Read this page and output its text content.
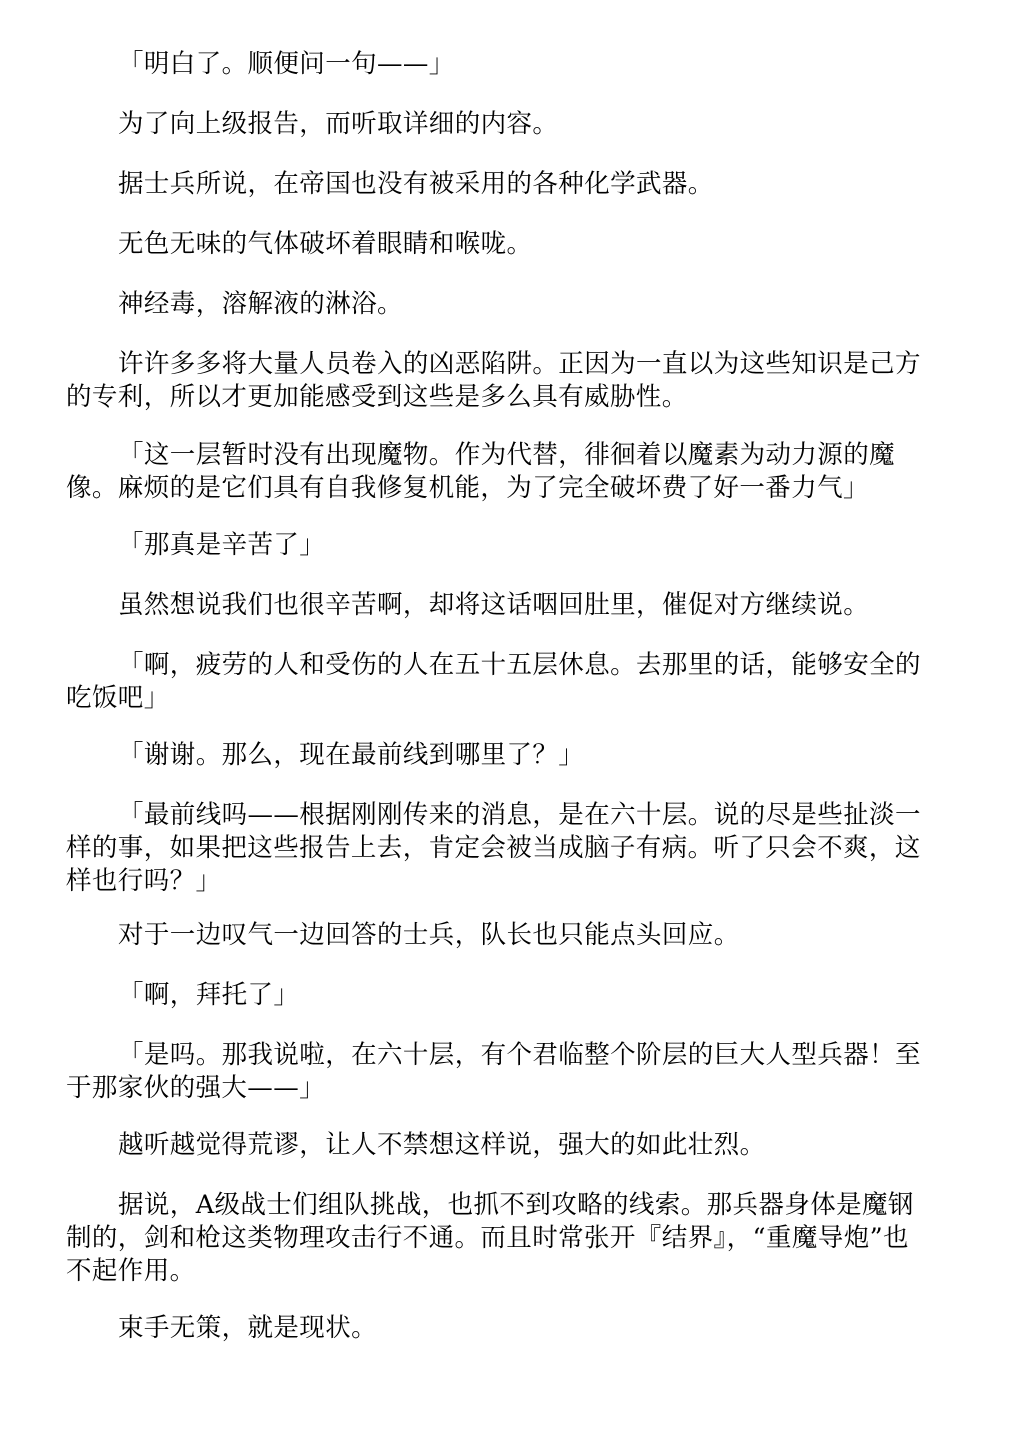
「明白了。顺便问一句——」

为了向上级报告，而听取详细的内容。

据士兵所说，在帝国也没有被采用的各种化学武器。

无色无味的气体破坏着眼睛和喉咙。

神经毒，溶解液的淋浴。

许许多多将大量人员卷入的凶恶陷阱。正因为一直以为这些知识是己方的专利，所以才更加能感受到这些是多么具有威胁性。

「这一层暂时没有出现魔物。作为代替，徘徊着以魔素为动力源的魔像。麻烦的是它们具有自我修复机能，为了完全破坏费了好一番力气」

「那真是辛苦了」

虽然想说我们也很辛苦啊，却将这话咽回肚里，催促对方继续说。

「啊，疲劳的人和受伤的人在五十五层休息。去那里的话，能够安全的吃饭吧」

「谢谢。那么，现在最前线到哪里了？」

「最前线吗——根据刚刚传来的消息，是在六十层。说的尽是些扯淡一样的事，如果把这些报告上去，肯定会被当成脑子有病。听了只会不爽，这样也行吗？」

对于一边叹气一边回答的士兵，队长也只能点头回应。

「啊，拜托了」

「是吗。那我说啦，在六十层，有个君临整个阶层的巨大人型兵器！至于那家伙的强大——」

越听越觉得荒谬，让人不禁想这样说，强大的如此壮烈。

据说，A级战士们组队挑战，也抓不到攻略的线索。那兵器身体是魔钢制的，剑和枪这类物理攻击行不通。而且时常张开『结界』，“重魔导炮”也不起作用。

束手无策，就是现状。
